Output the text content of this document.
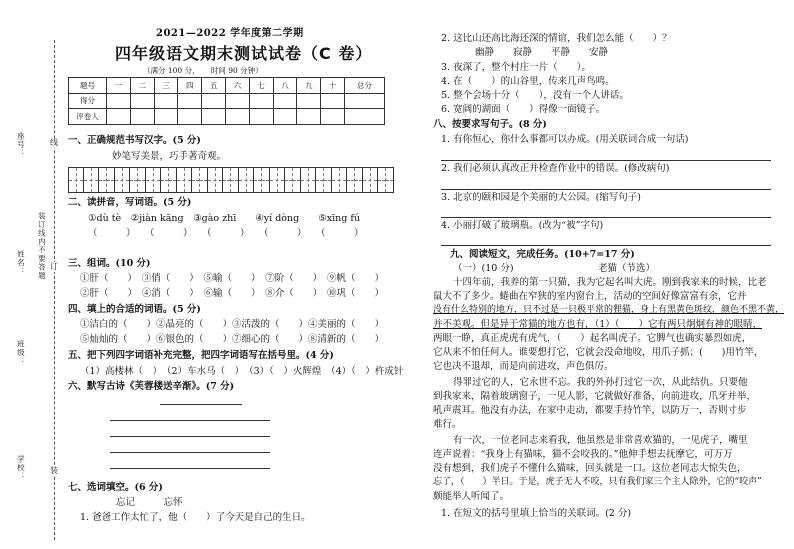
座号：
姓名：
班级：
学校：
装订线内不要答题
线
订
装
2021—2022 学年度第二学期
四年级语文期末测试试卷（C 卷）
（满分 100 分，　　时间 90 分钟）
题号	一	二	三	四	五	六	七	八	九	十	总分
得分											
评卷人											
一、正确规范书写汉字。(5 分)
妙笔写美景，巧手著奇观。
二、读拼音，写词语。(5 分)
①dù tè　②jiàn kāng　③gào zhī　　④yí dòng　　⑤xīng fú
（　　　）　　（　　　）　　（　　　）　　（　　　）　　（　　　）
三、组词。(10 分)
①肝（　　）　③俏（　　）　⑤喻（　　）　⑦阶（　　）　⑨帆（　　）
②肝（　　）　④消（　　）　⑥输（　　）　⑧介（　　）　⑩巩（　　）
四、填上的合适的词语。(5 分)
①洁白的（　　）②晶亮的（　　）③活泼的（　　）④美丽的（　　）
⑤灿灿的（　　）⑥银色的（　　）⑦细心的（　　）⑧清新的（　　）
五、把下列四字词语补充完整，把四字词语写在括号里。(4 分)
（1）高楼林（　）　（2）车水马（　）　（3）（　）火辉煌　（4）（　）杵成针
六、默写古诗《芙蓉楼送辛渐》。(7 分)
七、选词填空。(6 分)
忘记　　　忘怀
1. 爸爸工作太忙了，他（　　）了今天是自己的生日。
2. 这比山还高比海还深的情谊，我们怎么能（　　）？
幽静　　寂静　　平静　　安静
3. 夜深了，整个村庄一片（　　）。
4. 在（　　）的山谷里，传来几声鸟鸣。
5. 整个会场十分（　　），没有一个人讲话。
6. 宽阔的湖面（　　）得像一面镜子。
八、按要求写句子。(8 分)
1. 有你恒心，你什么事都可以办成。(用关联词合成一句话)
2. 我们必须认真改正并检查作业中的错误。(修改病句)
3. 北京的颐和园是个美丽的大公园。(缩写句子)
4. 小丽打破了玻璃瓶。(改为“被”字句)
九、阅读短文，完成任务。(10+7=17 分)
（一）(10 分)	老猫（节选）
十四年前，我养的第一只猫，我为它起名叫大虎。刚到我家来的时候，比老
鼠大不了多少。蜷曲在窄狭的室内窗台上，活动的空间好像富富有余，它并
没有什么特别的地方，只不过是一只极平常的狸猫，身上有黑黄色斑纹，颜色不黑不黄，
并不美观。但是异于常猫的地方也有，（1）（　　）它有两只炯炯有神的眼睛，
两眼一睁，真正虎虎有虎气，（　　）起名叫虎子。它脾气也确实暴烈如虎，
它从来不怕任何人。谁要想打它，它就会没命地咬，用爪子抓；(　　)用竹竿，
它也决不退却，而是向前进攻，声色俱厉。
得罪过它的人，它永世不忘。我的外孙打过它一次，从此结仇。只要他
到我家来，隔着玻璃窗子，一见人影，它就做好准备，向前进攻，爪牙并举，
吼声震耳。他没有办法，在家中走动，都要手持竹竿，以防万一，否则寸步
难行。
有一次，一位老同志来看我，他虽然是非常喜欢猫的，一见虎子，嘴里
连声说着：“我身上有猫味，猫不会咬我的。”他伸手想去抚摩它，可万万
没有想到，我们虎子不懂什么猫味，回头就是一口。这位老同志大惊失色，
忘了，（　　）半日。于是，虎子无人不咬，只有我们家三个主人除外，它的“咬声”
颇能举人听闻了。
1. 在短文的括号里填上恰当的关联词。(2 分)
